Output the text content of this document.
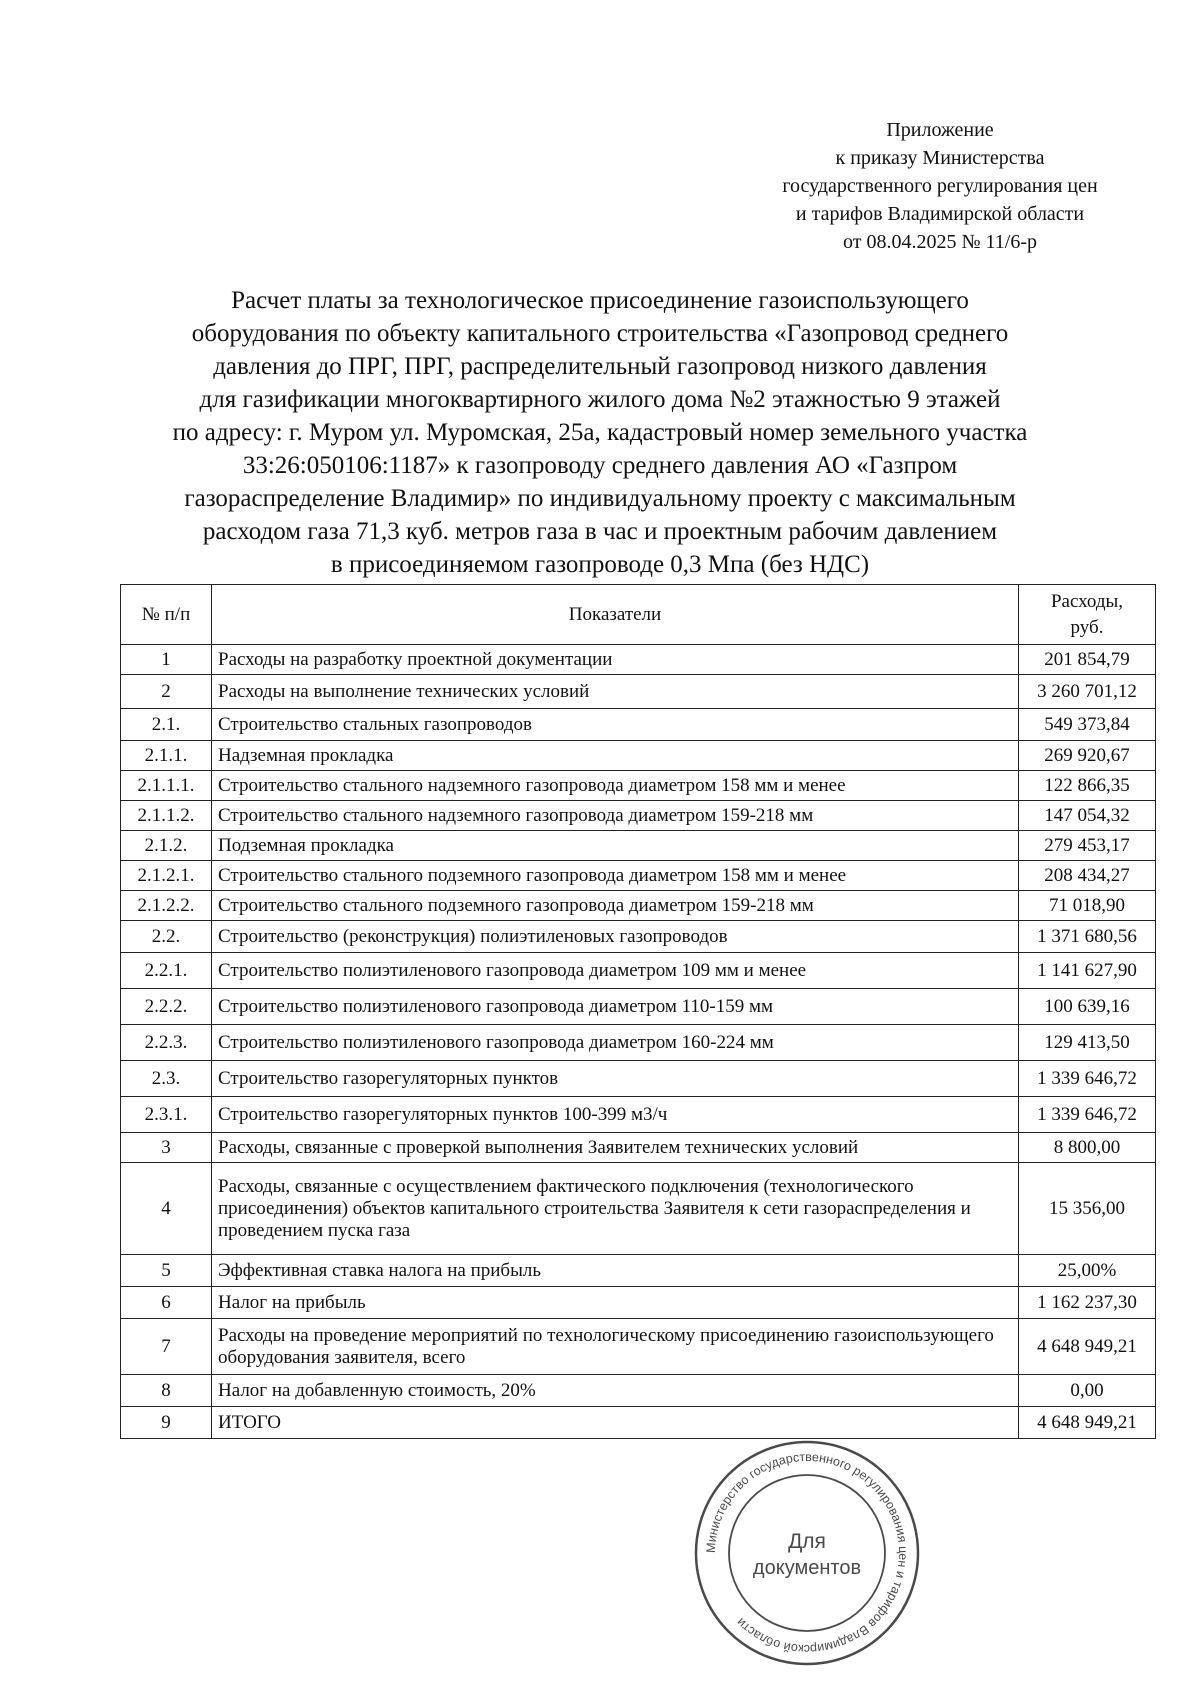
Приложение
к приказу Министерства
государственного регулирования цен
и тарифов Владимирской области
от 08.04.2025 № 11/6-р
Расчет платы за технологическое присоединение газоиспользующего
оборудования по объекту капитального строительства «Газопровод среднего
давления до ПРГ, ПРГ, распределительный газопровод низкого давления
для газификации многоквартирного жилого дома №2 этажностью 9 этажей
по адресу: г. Муром ул. Муромская, 25а, кадастровый номер земельного участка
33:26:050106:1187» к газопроводу среднего давления АО «Газпром
газораспределение Владимир» по индивидуальному проекту с максимальным
расходом газа 71,3 куб. метров газа в час и проектным рабочим давлением
в присоединяемом газопроводе 0,3 Мпа (без НДС)
№ п/п	Показатели	Расходы,
руб.
1	Расходы на разработку проектной документации	201 854,79
2	Расходы на выполнение технических условий	3 260 701,12
2.1.	Строительство стальных газопроводов	549 373,84
2.1.1.	Надземная прокладка	269 920,67
2.1.1.1.	Строительство стального надземного газопровода диаметром 158 мм и менее	122 866,35
2.1.1.2.	Строительство стального надземного газопровода диаметром 159-218 мм	147 054,32
2.1.2.	Подземная прокладка	279 453,17
2.1.2.1.	Строительство стального подземного газопровода диаметром 158 мм и менее	208 434,27
2.1.2.2.	Строительство стального подземного газопровода диаметром 159-218 мм	71 018,90
2.2.	Строительство (реконструкция) полиэтиленовых газопроводов	1 371 680,56
2.2.1.	Строительство полиэтиленового газопровода диаметром 109 мм и менее	1 141 627,90
2.2.2.	Строительство полиэтиленового газопровода диаметром 110-159 мм	100 639,16
2.2.3.	Строительство полиэтиленового газопровода диаметром 160-224 мм	129 413,50
2.3.	Строительство газорегуляторных пунктов	1 339 646,72
2.3.1.	Строительство газорегуляторных пунктов 100-399 м3/ч	1 339 646,72
3	Расходы, связанные с проверкой выполнения Заявителем технических условий	8 800,00
4	Расходы, связанные с осуществлением фактического подключения (технологического присоединения) объектов капитального строительства Заявителя к сети газораспределения и проведением пуска газа	15 356,00
5	Эффективная ставка налога на прибыль	25,00%
6	Налог на прибыль	1 162 237,30
7	Расходы на проведение мероприятий по технологическому присоединению газоиспользующего оборудования заявителя, всего	4 648 949,21
8	Налог на добавленную стоимость, 20%	0,00
9	ИТОГО	4 648 949,21
Министерство государственного регулирования цен и тарифов Владимирской области
Для
документов
